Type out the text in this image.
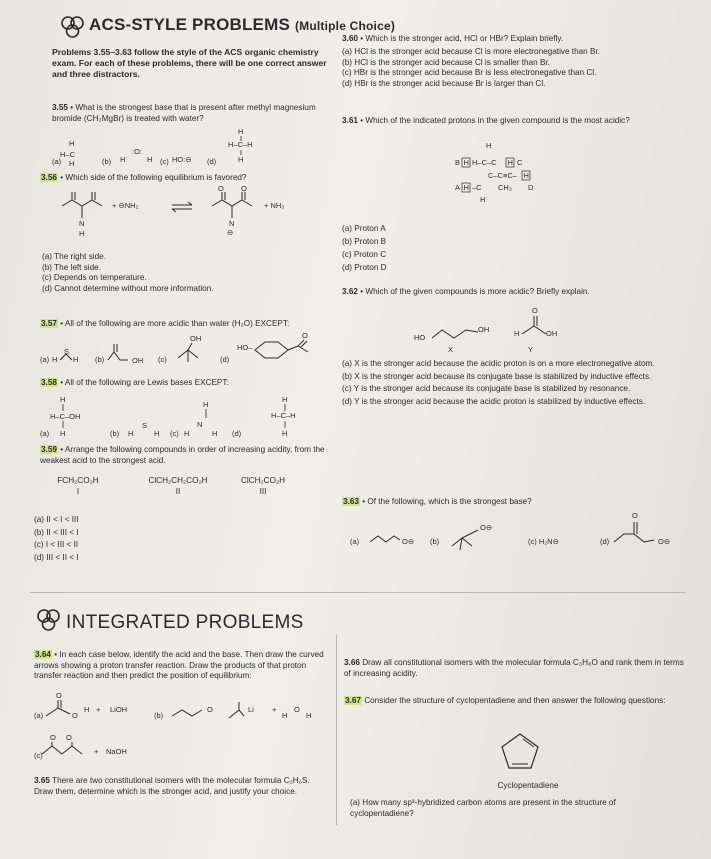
ACS-STYLE PROBLEMS (Multiple Choice)
Problems 3.55–3.63 follow the style of the ACS organic chemistry exam. For each of these problems, there will be one correct answer and three distractors.
3.55 • What is the strongest base that is present after methyl magnesium bromide (CH₃MgBr) is treated with water?
(a)
H
H–C
H	(b) H
:O:
H (c) HO:⊖ (d)
H
H–C–H
H
3.56 • Which side of the following equilibrium is favored?
N
H
+ ⊖NH₂
O O
N
⊖
+ NH₃
(a) The right side.
(b) The left side.
(c) Depends on temperature.
(d) Cannot determine without more information.
3.57 • All of the following are more acidic than water (H₂O) EXCEPT:
(a) H
S
H (b)	OH (c)
OH
(d)
HO–
O
3.58 • All of the following are Lewis bases EXCEPT:
(a)
H
H–C–OH
H	(b) H
S
H (c) H
H
N
H (d)
H
H–C–H
H
3.59 • Arrange the following compounds in order of increasing acidity, from the weakest acid to the strongest acid.
FCH₂CO₂H
I
ClCH₂CH₂CO₂H
II
ClCH₂CO₂H
III
(a) II < I < III
(b) II < III < I
(c) I < III < II
(d) III < II < I
3.60 • Which is the stronger acid, HCl or HBr? Explain briefly.
(a) HCl is the stronger acid because Cl is more electronegative than Br.
(b) HCl is the stronger acid because Cl is smaller than Br.
(c) HBr is the stronger acid because Br is less electronegative than Cl.
(d) HBr is the stronger acid because Br is larger than Cl.
3.61 • Which of the indicated protons in the given compound is the most acidic?
H
B H H–C–C H C
C–C≡C– H
A H –C CH₃ D
H
(a) Proton A
(b) Proton B
(c) Proton C
(d) Proton D
3.62 • Which of the given compounds is more acidic? Briefly explain.
HO
OH
X
H	OH
O
Y
(a) X is the stronger acid because the acidic proton is on a more electronegative atom.
(b) X is the stronger acid because its conjugate base is stabilized by inductive effects.
(c) Y is the stronger acid because its conjugate base is stabilized by resonance.
(d) Y is the stronger acid because the acidic proton is stabilized by inductive effects.
3.63 • Of the following, which is the strongest base?
(a)	(b)	(c) H₂N⊖	(d)
O⊖
O⊖
O⊖
O
INTEGRATED PROBLEMS
3.64 • In each case below, identify the acid and the base. Then draw the curved arrows showing a proton transfer reaction. Draw the products of that proton transfer reaction and then predict the position of equilibrium:
(a)
O
O
H + LiOH
(b)
O	Li +
H
O
H
(c)
O O
+ NaOH
3.65 There are two constitutional isomers with the molecular formula C₂H₆S. Draw them, determine which is the stronger acid, and justify your choice.
3.66 Draw all constitutional isomers with the molecular formula C₃H₈O and rank them in terms of increasing acidity.
3.67 Consider the structure of cyclopentadiene and then answer the following questions:
Cyclopentadiene
(a) How many sp³-hybridized carbon atoms are present in the structure of cyclopentadiene?
